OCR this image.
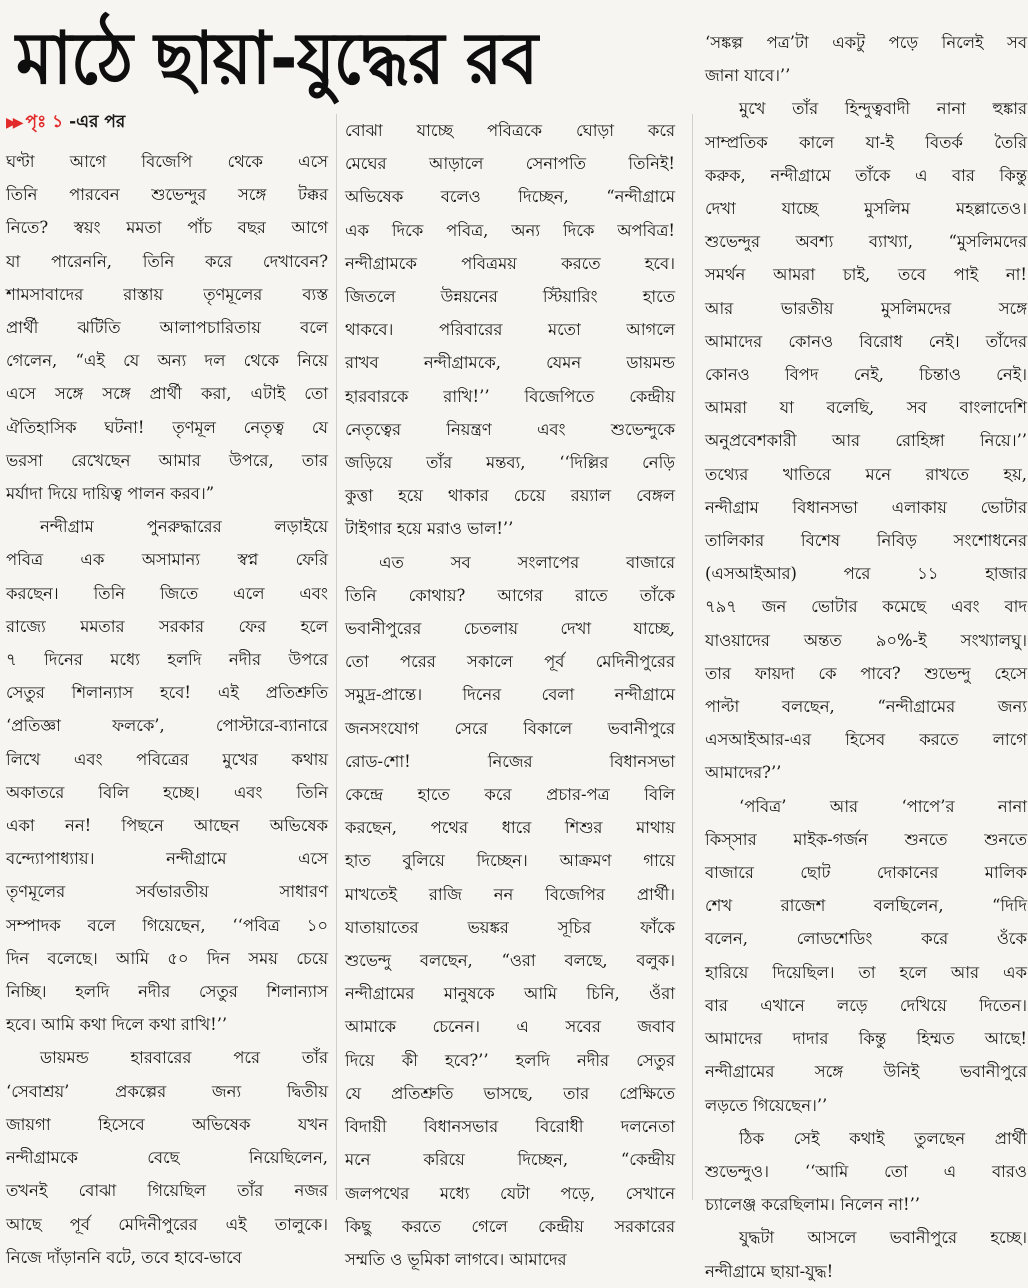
মাঠে ছায়া-যুদ্ধের রব
▶▶ পৃঃ ১ -এর পর

ঘণ্টা আগে বিজেপি থেকে এসে
তিনি পারবেন শুভেন্দুর সঙ্গে টক্কর
নিতে? স্বয়ং মমতা পাঁচ বছর আগে
যা পারেননি, তিনি করে দেখাবেন?
শামসাবাদের রাস্তায় তৃণমূলের ব্যস্ত
প্রার্থী ঝটিতি আলাপচারিতায় বলে
গেলেন, “এই যে অন্য দল থেকে নিয়ে
এসে সঙ্গে সঙ্গে প্রার্থী করা, এটাই তো
ঐতিহাসিক ঘটনা! তৃণমূল নেতৃত্ব যে
ভরসা রেখেছেন আমার উপরে, তার
মর্যাদা দিয়ে দায়িত্ব পালন করব।”

নন্দীগ্রাম পুনরুদ্ধারের লড়াইয়ে
পবিত্র এক অসামান্য স্বপ্ন ফেরি
করছেন। তিনি জিতে এলে এবং
রাজ্যে মমতার সরকার ফের হলে
৭ দিনের মধ্যে হলদি নদীর উপরে
সেতুর শিলান্যাস হবে! এই প্রতিশ্রুতি
‘প্রতিজ্ঞা ফলকে’, পোস্টারে-ব্যানারে
লিখে এবং পবিত্রের মুখের কথায়
অকাতরে বিলি হচ্ছে। এবং তিনি
একা নন! পিছনে আছেন অভিষেক
বন্দ্যোপাধ্যায়। নন্দীগ্রামে এসে
তৃণমূলের সর্বভারতীয় সাধারণ
সম্পাদক বলে গিয়েছেন, ‘‘পবিত্র ১০
দিন বলেছে। আমি ৫০ দিন সময় চেয়ে
নিচ্ছি। হলদি নদীর সেতুর শিলান্যাস
হবে। আমি কথা দিলে কথা রাখি!’’

ডায়মন্ড হারবারের পরে তাঁর
‘সেবাশ্রয়’ প্রকল্পের জন্য দ্বিতীয়
জায়গা হিসেবে অভিষেক যখন
নন্দীগ্রামকে বেছে নিয়েছিলেন,
তখনই বোঝা গিয়েছিল তাঁর নজর
আছে পূর্ব মেদিনীপুরের এই তালুকে।
নিজে দাঁড়াননি বটে, তবে হাবে-ভাবে

বোঝা যাচ্ছে পবিত্রকে ঘোড়া করে
মেঘের আড়ালে সেনাপতি তিনিই!
অভিষেক বলেও দিচ্ছেন, “নন্দীগ্রামে
এক দিকে পবিত্র, অন্য দিকে অপবিত্র!
নন্দীগ্রামকে পবিত্রময় করতে হবে।
জিতলে উন্নয়নের স্টিয়ারিং হাতে
থাকবে। পরিবারের মতো আগলে
রাখব নন্দীগ্রামকে, যেমন ডায়মন্ড
হারবারকে রাখি!’’ বিজেপিতে কেন্দ্রীয়
নেতৃত্বের নিয়ন্ত্রণ এবং শুভেন্দুকে
জড়িয়ে তাঁর মন্তব্য, ‘‘দিল্লির নেড়ি
কুত্তা হয়ে থাকার চেয়ে রয়্যাল বেঙ্গল
টাইগার হয়ে মরাও ভাল!’’

এত সব সংলাপের বাজারে
তিনি কোথায়? আগের রাতে তাঁকে
ভবানীপুরের চেতলায় দেখা যাচ্ছে,
তো পরের সকালে পূর্ব মেদিনীপুরের
সমুদ্র-প্রান্তে। দিনের বেলা নন্দীগ্রামে
জনসংযোগ সেরে বিকালে ভবানীপুরে
রোড-শো! নিজের বিধানসভা
কেন্দ্রে হাতে করে প্রচার-পত্র বিলি
করছেন, পথের ধারে শিশুর মাথায়
হাত বুলিয়ে দিচ্ছেন। আক্রমণ গায়ে
মাখতেই রাজি নন বিজেপির প্রার্থী।
যাতায়াতের ভয়ঙ্কর সূচির ফাঁকে
শুভেন্দু বলছেন, “ওরা বলছে, বলুক।
নন্দীগ্রামের মানুষকে আমি চিনি, ওঁরা
আমাকে চেনেন। এ সবের জবাব
দিয়ে কী হবে?’’ হলদি নদীর সেতুর
যে প্রতিশ্রুতি ভাসছে, তার প্রেক্ষিতে
বিদায়ী বিধানসভার বিরোধী দলনেতা
মনে করিয়ে দিচ্ছেন, “কেন্দ্রীয়
জলপথের মধ্যে যেটা পড়ে, সেখানে
কিছু করতে গেলে কেন্দ্রীয় সরকারের
সম্মতি ও ভূমিকা লাগবে। আমাদের

‘সঙ্কল্প পত্র’টা একটু পড়ে নিলেই সব
জানা যাবে।’’

মুখে তাঁর হিন্দুত্ববাদী নানা হুঙ্কার
সাম্প্রতিক কালে যা-ই বিতর্ক তৈরি
করুক, নন্দীগ্রামে তাঁকে এ বার কিন্তু
দেখা যাচ্ছে মুসলিম মহল্লাতেও।
শুভেন্দুর অবশ্য ব্যাখ্যা, “মুসলিমদের
সমর্থন আমরা চাই, তবে পাই না!
আর ভারতীয় মুসলিমদের সঙ্গে
আমাদের কোনও বিরোধ নেই। তাঁদের
কোনও বিপদ নেই, চিন্তাও নেই।
আমরা যা বলেছি, সব বাংলাদেশি
অনুপ্রবেশকারী আর রোহিঙ্গা নিয়ে।’’
তথ্যের খাতিরে মনে রাখতে হয়,
নন্দীগ্রাম বিধানসভা এলাকায় ভোটার
তালিকার বিশেষ নিবিড় সংশোধনের
(এসআইআর) পরে ১১ হাজার
৭৯৭ জন ভোটার কমেছে এবং বাদ
যাওয়াদের অন্তত ৯০%-ই সংখ্যালঘু।
তার ফায়দা কে পাবে? শুভেন্দু হেসে
পাল্টা বলছেন, “নন্দীগ্রামের জন্য
এসআইআর-এর হিসেব করতে লাগে
আমাদের?’’

‘পবিত্র’ আর ‘পাপে’র নানা
কিস্সার মাইক-গর্জন শুনতে শুনতে
বাজারে ছোট দোকানের মালিক
শেখ রাজেশ বলছিলেন, “দিদি
বলেন, লোডশেডিং করে ওঁকে
হারিয়ে দিয়েছিল। তা হলে আর এক
বার এখানে লড়ে দেখিয়ে দিতেন।
আমাদের দাদার কিন্তু হিম্মত আছে!
নন্দীগ্রামের সঙ্গে উনিই ভবানীপুরে
লড়তে গিয়েছেন।’’

ঠিক সেই কথাই তুলছেন প্রার্থী
শুভেন্দুও। ‘‘আমি তো এ বারও
চ্যালেঞ্জ করেছিলাম। নিলেন না!’’

যুদ্ধটা আসলে ভবানীপুরে হচ্ছে।
নন্দীগ্রামে ছায়া-যুদ্ধ!
